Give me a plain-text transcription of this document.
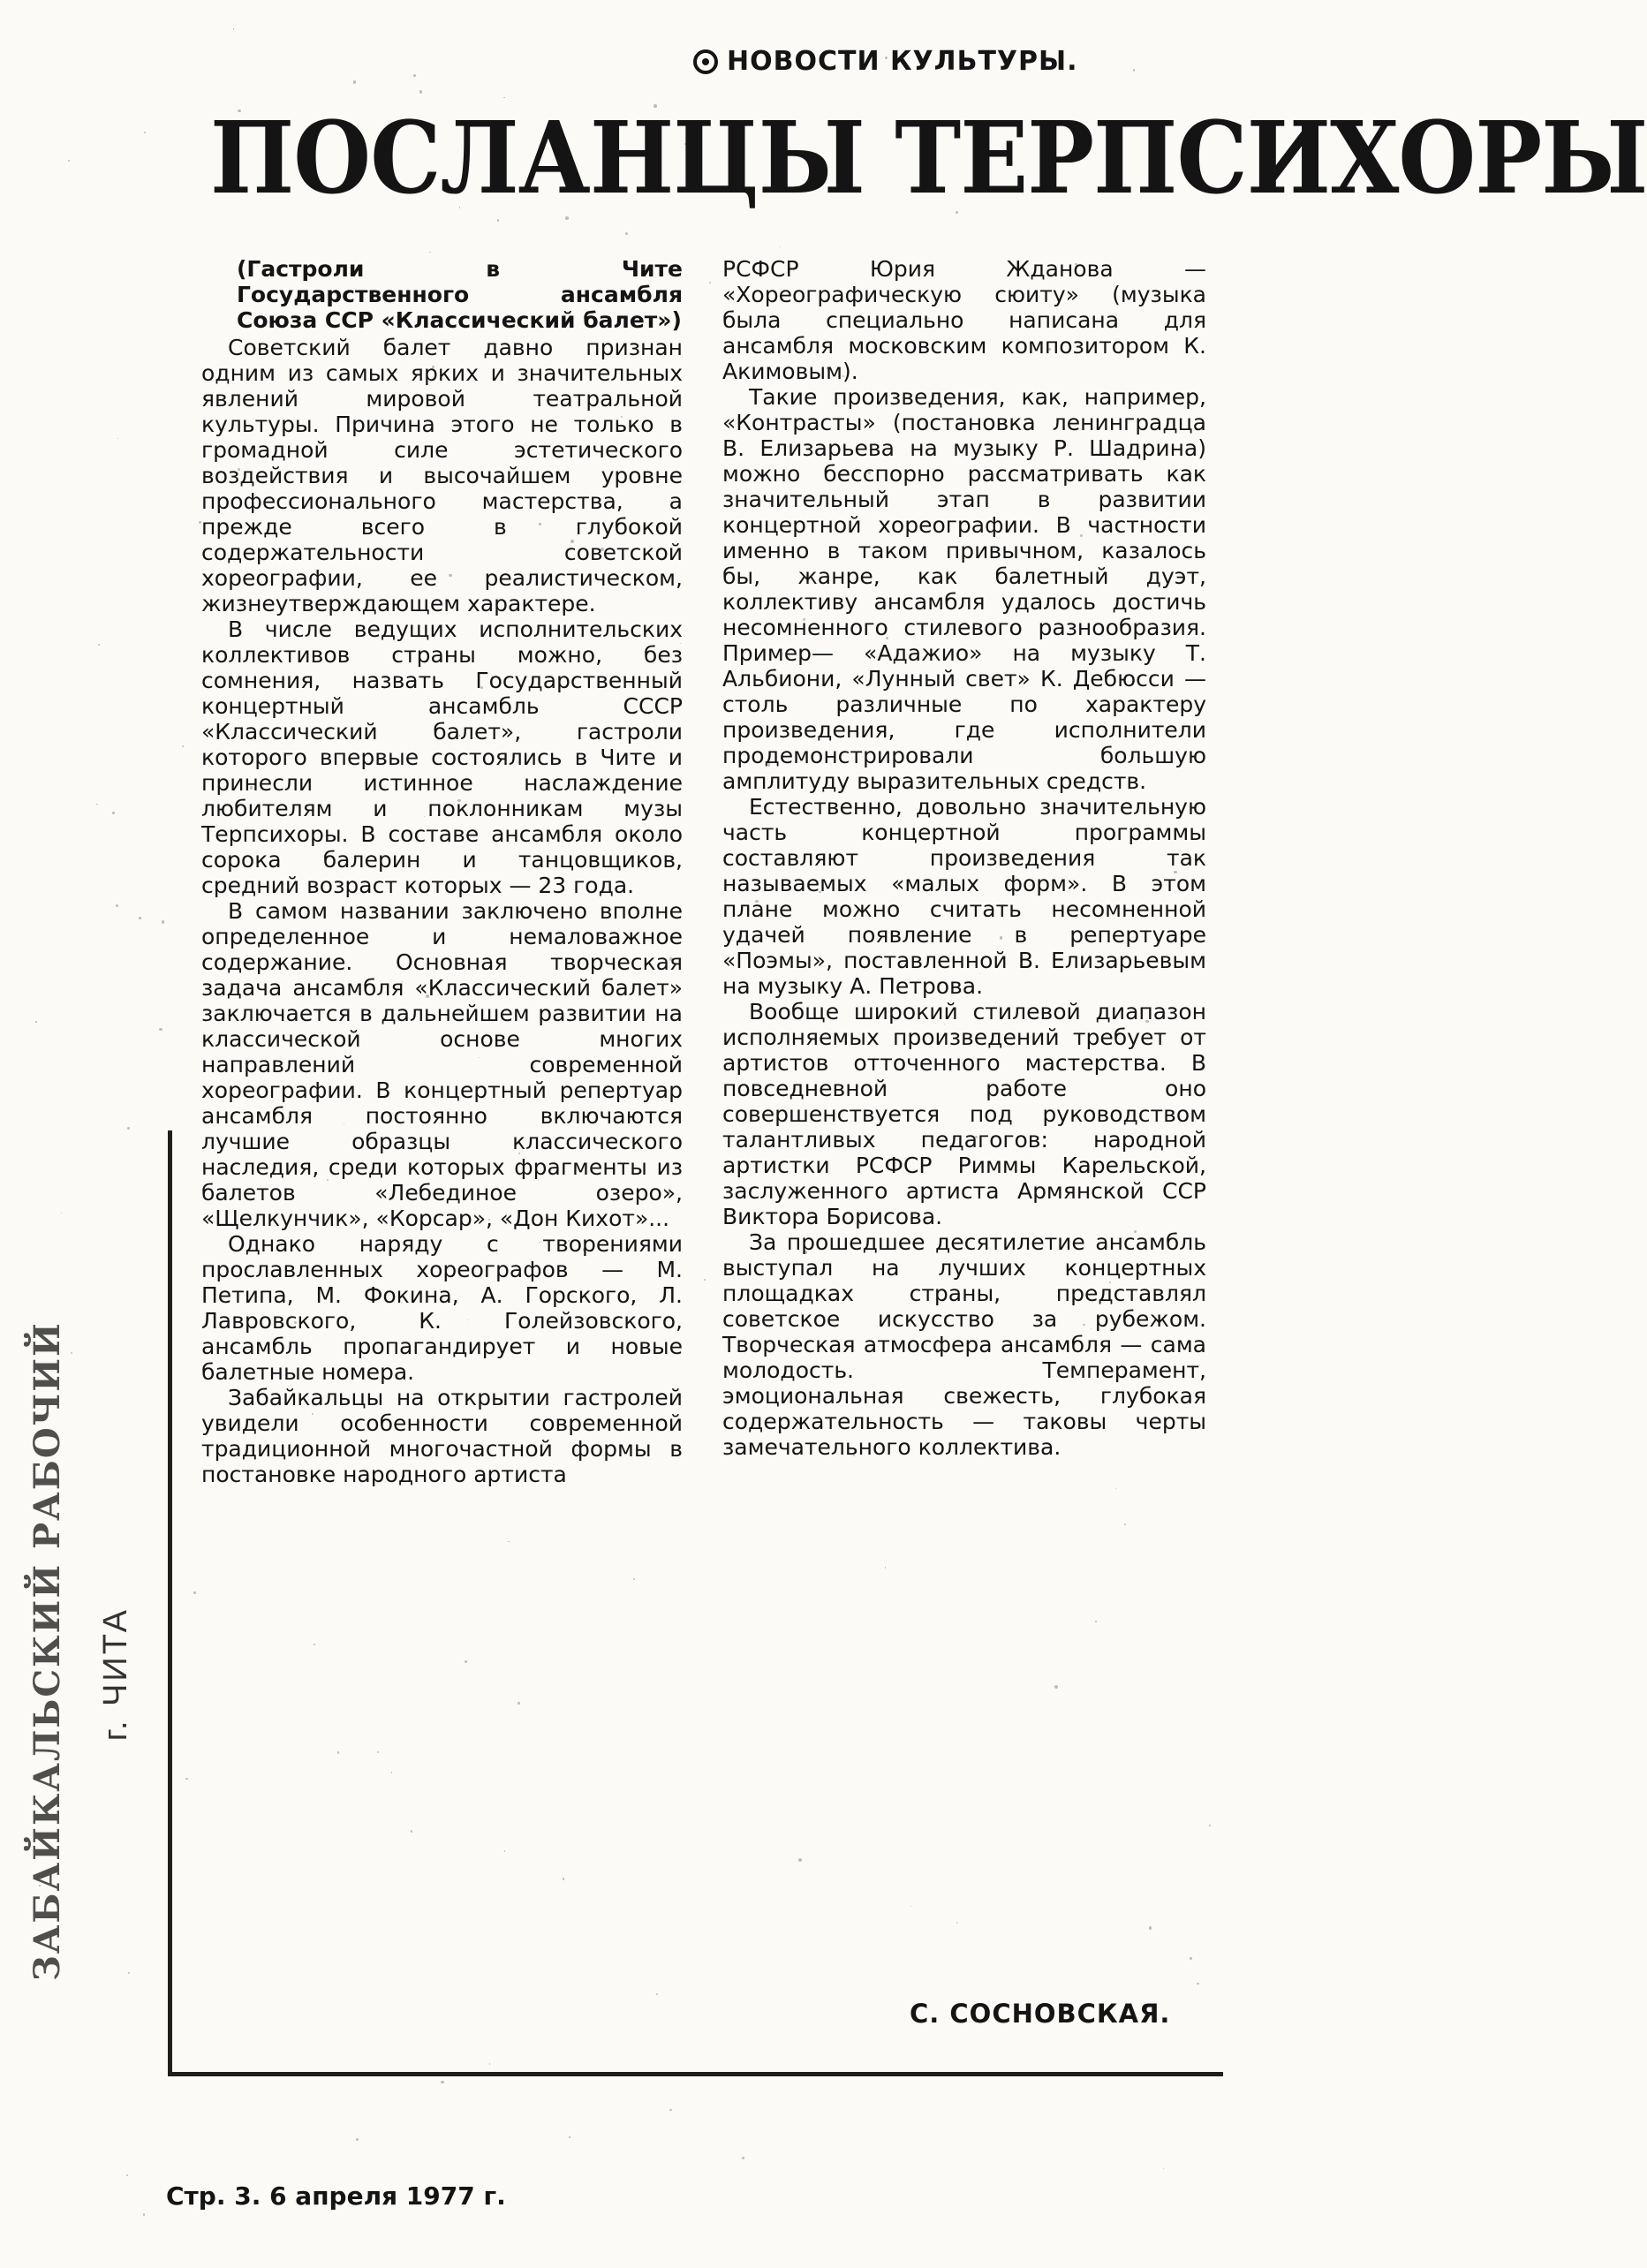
НОВОСТИ КУЛЬТУРЫ.
ПОСЛАНЦЫ ТЕРПСИХОРЫ

(Гастроли в Чите Государственного ансамбля Союза ССР «Классический балет»)

Советский балет давно признан одним из самых ярких и значительных явлений мировой театральной культуры. Причина этого не только в громадной силе эстетического воздействия и высочайшем уровне профессионального мастерства, а прежде всего в глубокой содержательности советской хореографии, ее реалистическом, жизнеутверждающем характере.

В числе ведущих исполнительских коллективов страны можно, без сомнения, назвать Государственный концертный ансамбль СССР «Классический балет», гастроли которого впервые состоялись в Чите и принесли истинное наслаждение любителям и поклонникам музы Терпсихоры. В составе ансамбля около сорока балерин и танцовщиков, средний возраст которых — 23 года.

В самом названии заключено вполне определенное и немаловажное содержание. Основная творческая задача ансамбля «Классический балет» заключается в дальнейшем развитии на классической основе многих направлений современной хореографии. В концертный репертуар ансамбля постоянно включаются лучшие образцы классического наследия, среди которых фрагменты из балетов «Лебединое озеро», «Щелкунчик», «Корсар», «Дон Кихот»...

Однако наряду с творениями прославленных хореографов — М. Петипа, М. Фокина, А. Горского, Л. Лавровского, К. Голейзовского, ансамбль пропагандирует и новые балетные номера.

Забайкальцы на открытии гастролей увидели особенности современной традиционной многочастной формы в постановке народного артиста

РСФСР Юрия Жданова — «Хореографическую сюиту» (музыка была специально написана для ансамбля московским композитором К. Акимовым).

Такие произведения, как, например, «Контрасты» (постановка ленинградца В. Елизарьева на музыку Р. Шадрина) можно бесспорно рассматривать как значительный этап в развитии концертной хореографии. В частности именно в таком привычном, казалось бы, жанре, как балетный дуэт, коллективу ансамбля удалось достичь несомненного стилевого разнообразия. Пример— «Адажио» на музыку Т. Альбиони, «Лунный свет» К. Дебюсси — столь различные по характеру произведения, где исполнители продемонстрировали большую амплитуду выразительных средств.

Естественно, довольно значительную часть концертной программы составляют произведения так называемых «малых форм». В этом плане можно считать несомненной удачей появление в репертуаре «Поэмы», поставленной В. Елизарьевым на музыку А. Петрова.

Вообще широкий стилевой диапазон исполняемых произведений требует от артистов отточенного мастерства. В повседневной работе оно совершенствуется под руководством талантливых педагогов: народной артистки РСФСР Риммы Карельской, заслуженного артиста Армянской ССР Виктора Борисова.

За прошедшее десятилетие ансамбль выступал на лучших концертных площадках страны, представлял советское искусство за рубежом. Творческая атмосфера ансамбля — сама молодость. Темперамент, эмоциональная свежесть, глубокая содержательность — таковы черты замечательного коллектива.

С. СОСНОВСКАЯ.
ЗАБАЙКАЛЬСКИЙ РАБОЧИЙ г. ЧИТА
Стр. 3. 6 апреля 1977 г.
